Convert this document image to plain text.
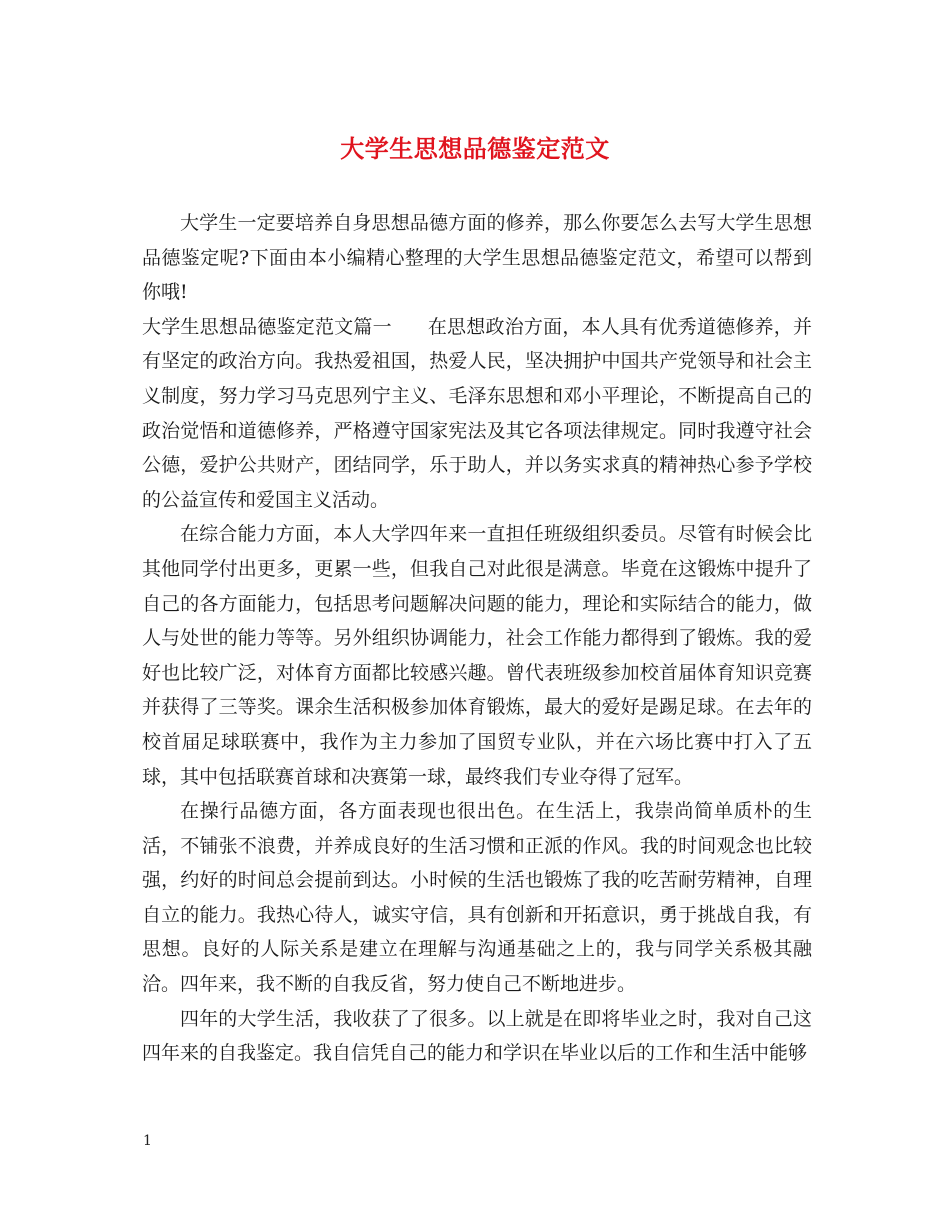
大学生思想品德鉴定范文

大学生一定要培养自身思想品德方面的修养，那么你要怎么去写大学生思想品德鉴定呢?下面由本小编精心整理的大学生思想品德鉴定范文，希望可以帮到你哦!

大学生思想品德鉴定范文篇一 在思想政治方面，本人具有优秀道德修养，并有坚定的政治方向。我热爱祖国，热爱人民，坚决拥护中国共产党领导和社会主义制度，努力学习马克思列宁主义、毛泽东思想和邓小平理论，不断提高自己的政治觉悟和道德修养，严格遵守国家宪法及其它各项法律规定。同时我遵守社会公德，爱护公共财产，团结同学，乐于助人，并以务实求真的精神热心参予学校的公益宣传和爱国主义活动。

在综合能力方面，本人大学四年来一直担任班级组织委员。尽管有时候会比其他同学付出更多，更累一些，但我自己对此很是满意。毕竟在这锻炼中提升了自己的各方面能力，包括思考问题解决问题的能力，理论和实际结合的能力，做人与处世的能力等等。另外组织协调能力，社会工作能力都得到了锻炼。我的爱好也比较广泛，对体育方面都比较感兴趣。曾代表班级参加校首届体育知识竞赛并获得了三等奖。课余生活积极参加体育锻炼，最大的爱好是踢足球。在去年的校首届足球联赛中，我作为主力参加了国贸专业队，并在六场比赛中打入了五球，其中包括联赛首球和决赛第一球，最终我们专业夺得了冠军。

在操行品德方面，各方面表现也很出色。在生活上，我崇尚简单质朴的生活，不铺张不浪费，并养成良好的生活习惯和正派的作风。我的时间观念也比较强，约好的时间总会提前到达。小时候的生活也锻炼了我的吃苦耐劳精神，自理自立的能力。我热心待人，诚实守信，具有创新和开拓意识，勇于挑战自我，有思想。良好的人际关系是建立在理解与沟通基础之上的，我与同学关系极其融洽。四年来，我不断的自我反省，努力使自己不断地进步。

四年的大学生活，我收获了了很多。以上就是在即将毕业之时，我对自己这四年来的自我鉴定。我自信凭自己的能力和学识在毕业以后的工作和生活中能够

1
